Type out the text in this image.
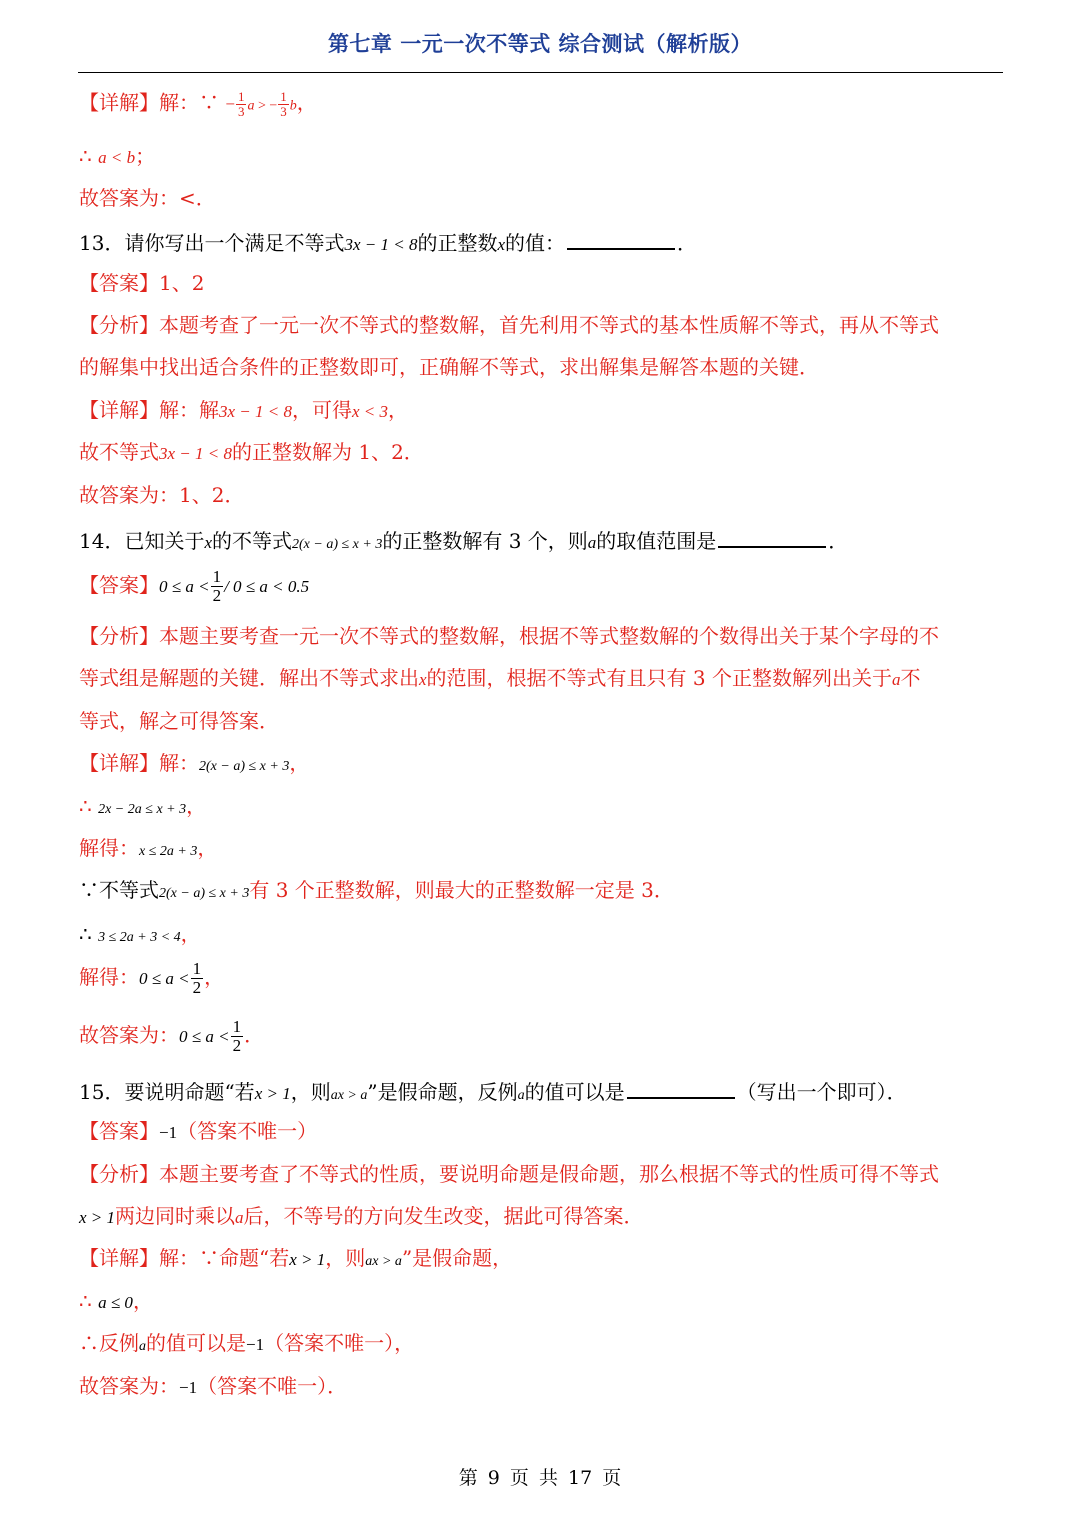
第七章 一元一次不等式 综合测试（解析版）
【详解】解：∵ − $\frac{1}{3}$ a > − $\frac{1}{3}$ b，
∴ a < b；
故答案为：<．
13．请你写出一个满足不等式3x − 1 < 8的正整数x的值：	．
【答案】1、2
【分析】本题考查了一元一次不等式的整数解，首先利用不等式的基本性质解不等式，再从不等式
的解集中找出适合条件的正整数即可，正确解不等式，求出解集是解答本题的关键．
【详解】解：解3x − 1 < 8，可得x < 3，
故不等式3x − 1 < 8的正整数解为 1、2．
故答案为：1、2．
14．已知关于x的不等式2(x − a) ≤ x + 3的正整数解有 3 个，则a的取值范围是	．
【答案】$0 \le a < \frac{1}{2} / 0 \le a < 0.5$
【分析】本题主要考查一元一次不等式的整数解，根据不等式整数解的个数得出关于某个字母的不
等式组是解题的关键．解出不等式求出x的范围，根据不等式有且只有 3 个正整数解列出关于a不
等式，解之可得答案．
【详解】解：2(x − a) ≤ x + 3，
∴ 2x − 2a ≤ x + 3，
解得：x ≤ 2a + 3，
∵不等式2(x − a) ≤ x + 3有 3 个正整数解，则最大的正整数解一定是 3．
∴ 3 ≤ 2a + 3 < 4，
解得：$0 \le a < \frac{1}{2}$ ，
故答案为：$0 \le a < \frac{1}{2}$ ．
15．要说明命题“若x > 1，则ax > a”是假命题，反例a的值可以是	（写出一个即可）．
【答案】−1（答案不唯一）
【分析】本题主要考查了不等式的性质，要说明命题是假命题，那么根据不等式的性质可得不等式
x > 1两边同时乘以a后，不等号的方向发生改变，据此可得答案．
【详解】解：∵命题“若x > 1，则ax > a”是假命题，
∴ a ≤ 0，
∴反例a的值可以是−1（答案不唯一），
故答案为：−1（答案不唯一）．
第 9 页 共 17 页
